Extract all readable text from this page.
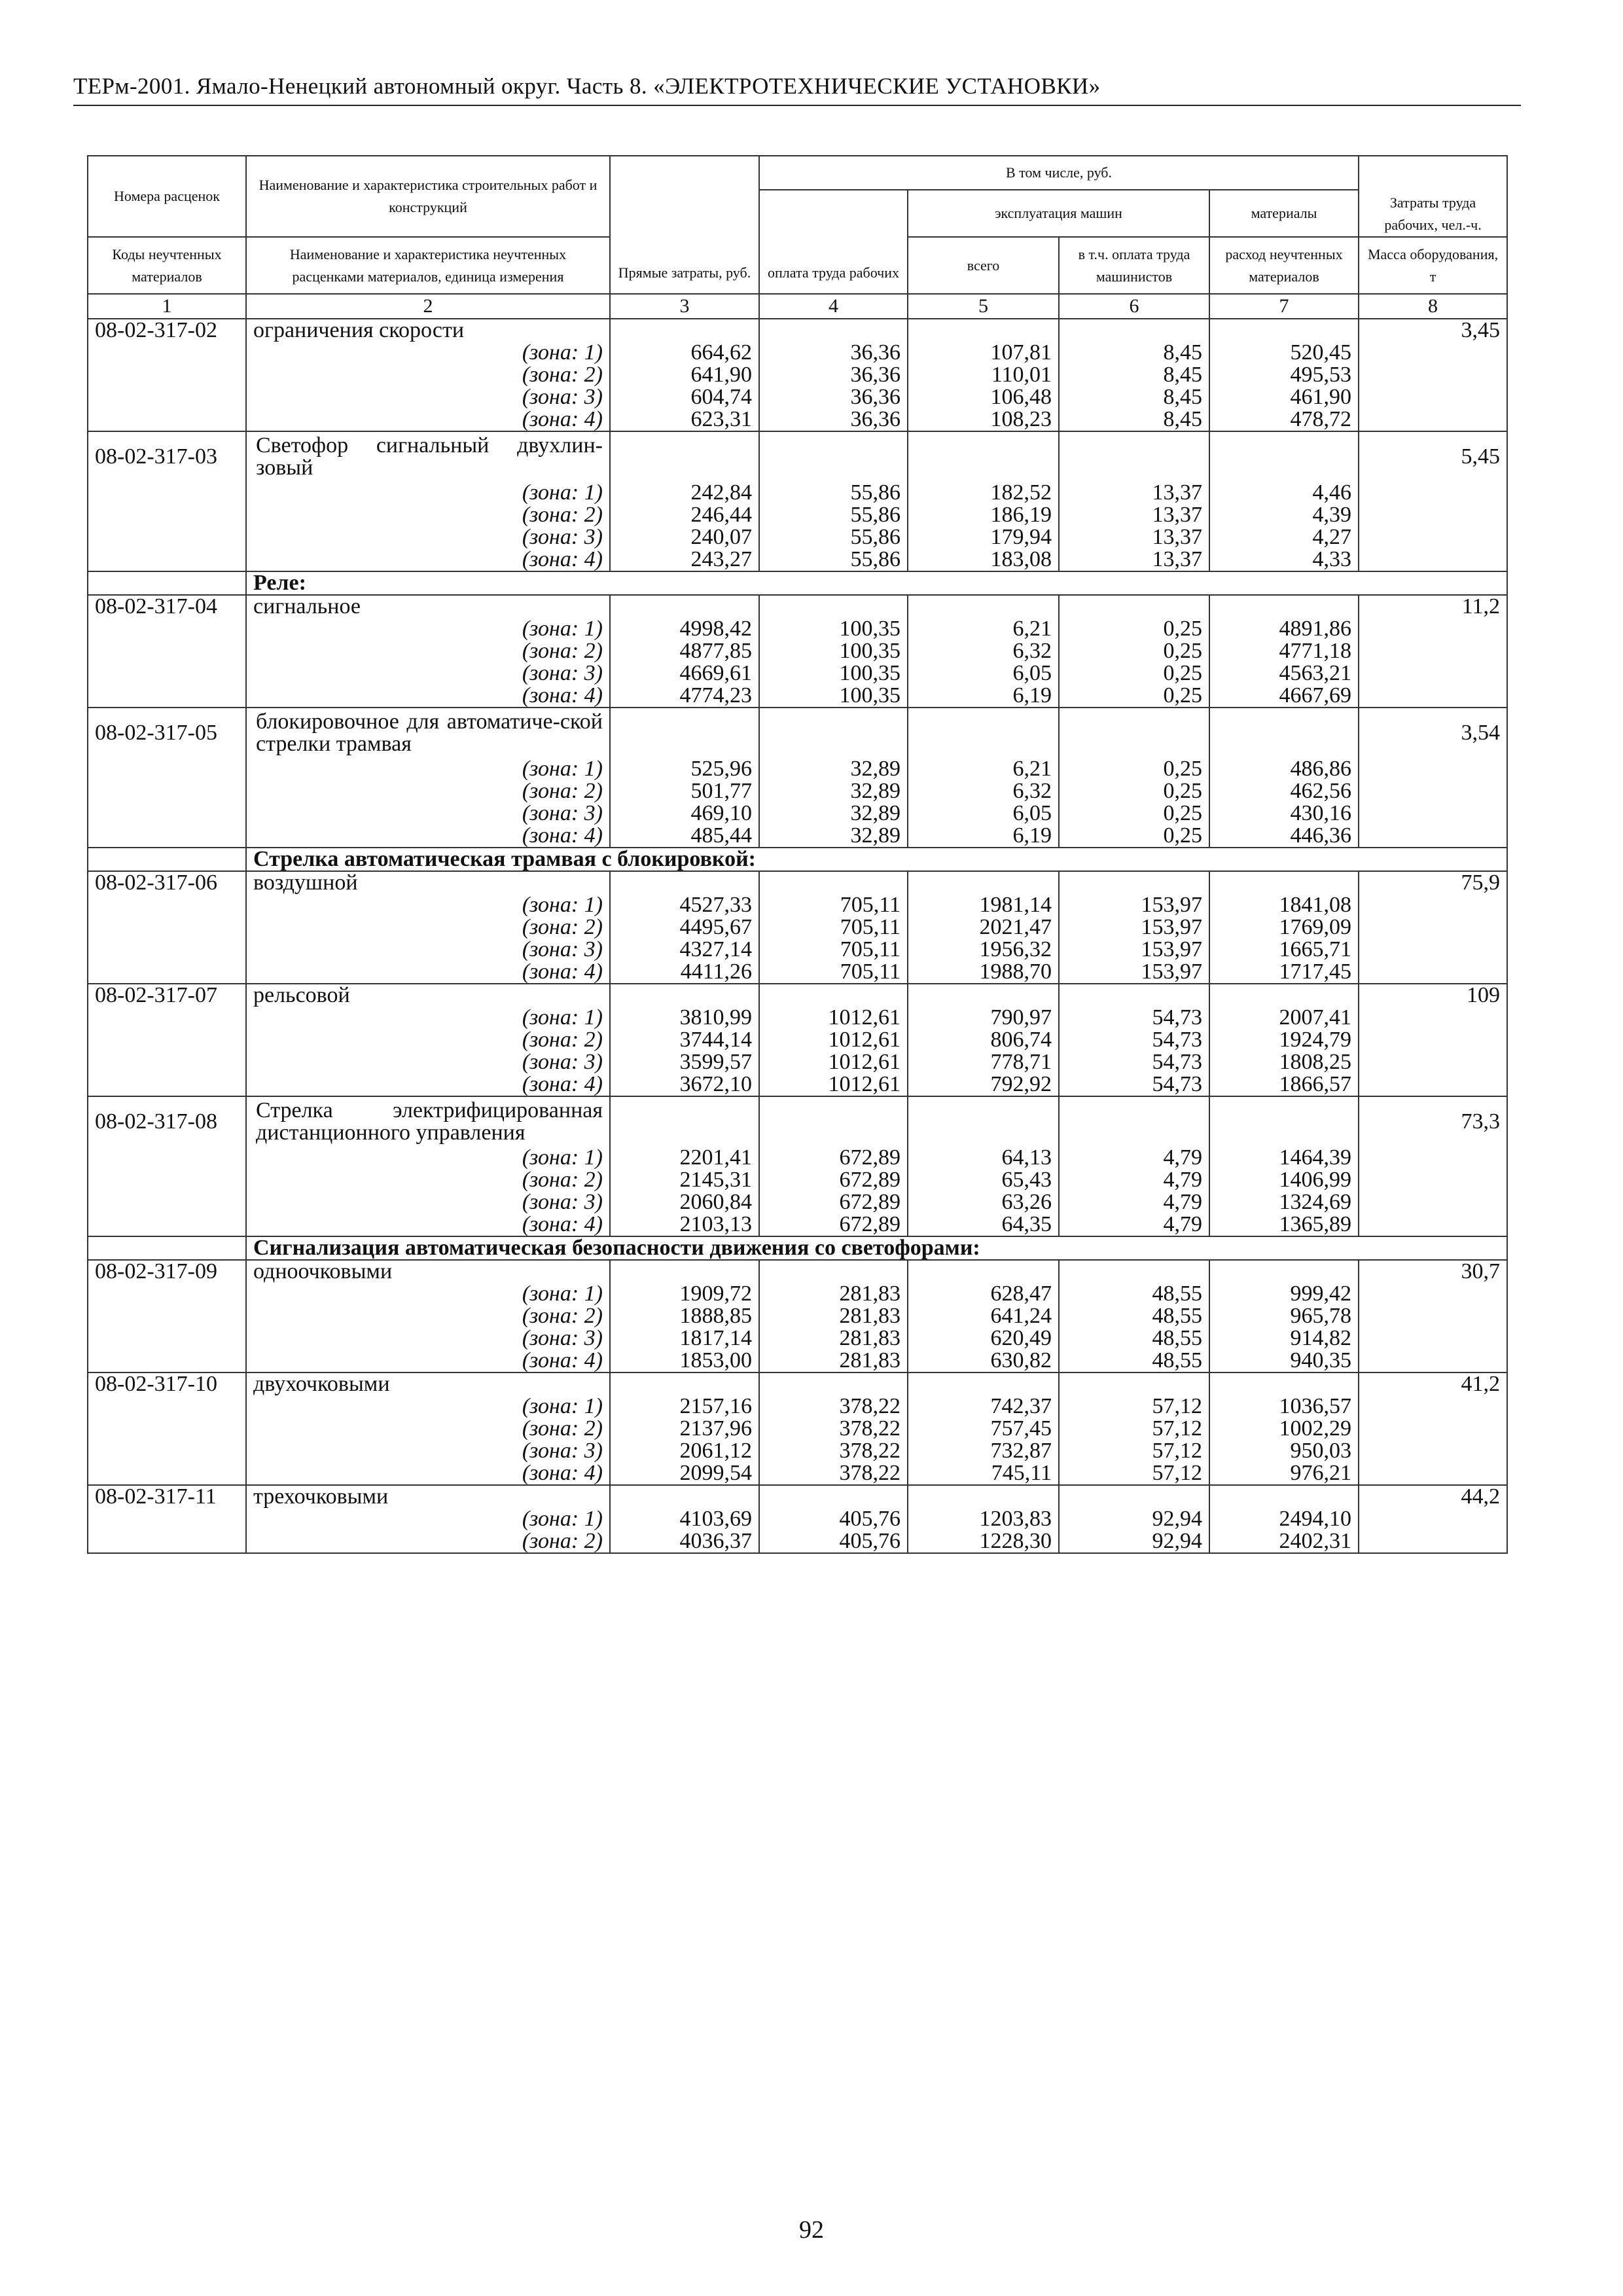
ТЕРм-2001. Ямало-Ненецкий автономный округ. Часть 8. «ЭЛЕКТРОТЕХНИЧЕСКИЕ УСТАНОВКИ»
Номера расценок	Наименование и характеристика строительных работ и конструкций	Прямые затраты, руб.	В том числе, руб.				Затраты труда рабочих, чел.-ч.
			оплата труда рабочих	эксплуатация машин		материалы	
Коды неучтенных материалов	Наименование и характеристика неучтенных расценками материалов, единица измерения			всего	в т.ч. оплата труда машинистов	расход неучтенных материалов	Масса оборудования, т
1	2	3	4	5	6	7	8
08-02-317-02	ограничения скорости						3,45
	(зона: 1)	664,62	36,36	107,81	8,45	520,45	
	(зона: 2)	641,90	36,36	110,01	8,45	495,53	
	(зона: 3)	604,74	36,36	106,48	8,45	461,90	
	(зона: 4)	623,31	36,36	108,23	8,45	478,72	
08-02-317-03	Светофор сигнальный двухлин-зовый						5,45
	(зона: 1)	242,84	55,86	182,52	13,37	4,46	
	(зона: 2)	246,44	55,86	186,19	13,37	4,39	
	(зона: 3)	240,07	55,86	179,94	13,37	4,27	
	(зона: 4)	243,27	55,86	183,08	13,37	4,33	
	Реле:						
08-02-317-04	сигнальное						11,2
	(зона: 1)	4998,42	100,35	6,21	0,25	4891,86	
	(зона: 2)	4877,85	100,35	6,32	0,25	4771,18	
	(зона: 3)	4669,61	100,35	6,05	0,25	4563,21	
	(зона: 4)	4774,23	100,35	6,19	0,25	4667,69	
08-02-317-05	блокировочное для автоматиче-ской стрелки трамвая						3,54
	(зона: 1)	525,96	32,89	6,21	0,25	486,86	
	(зона: 2)	501,77	32,89	6,32	0,25	462,56	
	(зона: 3)	469,10	32,89	6,05	0,25	430,16	
	(зона: 4)	485,44	32,89	6,19	0,25	446,36	
	Стрелка автоматическая трамвая с блокировкой:						
08-02-317-06	воздушной						75,9
	(зона: 1)	4527,33	705,11	1981,14	153,97	1841,08	
	(зона: 2)	4495,67	705,11	2021,47	153,97	1769,09	
	(зона: 3)	4327,14	705,11	1956,32	153,97	1665,71	
	(зона: 4)	4411,26	705,11	1988,70	153,97	1717,45	
08-02-317-07	рельсовой						109
	(зона: 1)	3810,99	1012,61	790,97	54,73	2007,41	
	(зона: 2)	3744,14	1012,61	806,74	54,73	1924,79	
	(зона: 3)	3599,57	1012,61	778,71	54,73	1808,25	
	(зона: 4)	3672,10	1012,61	792,92	54,73	1866,57	
08-02-317-08	Стрелка электрифицированная дистанционного управления						73,3
	(зона: 1)	2201,41	672,89	64,13	4,79	1464,39	
	(зона: 2)	2145,31	672,89	65,43	4,79	1406,99	
	(зона: 3)	2060,84	672,89	63,26	4,79	1324,69	
	(зона: 4)	2103,13	672,89	64,35	4,79	1365,89	
	Сигнализация автоматическая безопасности движения со светофорами:						
08-02-317-09	одноочковыми						30,7
	(зона: 1)	1909,72	281,83	628,47	48,55	999,42	
	(зона: 2)	1888,85	281,83	641,24	48,55	965,78	
	(зона: 3)	1817,14	281,83	620,49	48,55	914,82	
	(зона: 4)	1853,00	281,83	630,82	48,55	940,35	
08-02-317-10	двухочковыми						41,2
	(зона: 1)	2157,16	378,22	742,37	57,12	1036,57	
	(зона: 2)	2137,96	378,22	757,45	57,12	1002,29	
	(зона: 3)	2061,12	378,22	732,87	57,12	950,03	
	(зона: 4)	2099,54	378,22	745,11	57,12	976,21	
08-02-317-11	трехочковыми						44,2
	(зона: 1)	4103,69	405,76	1203,83	92,94	2494,10	
	(зона: 2)	4036,37	405,76	1228,30	92,94	2402,31	
92
